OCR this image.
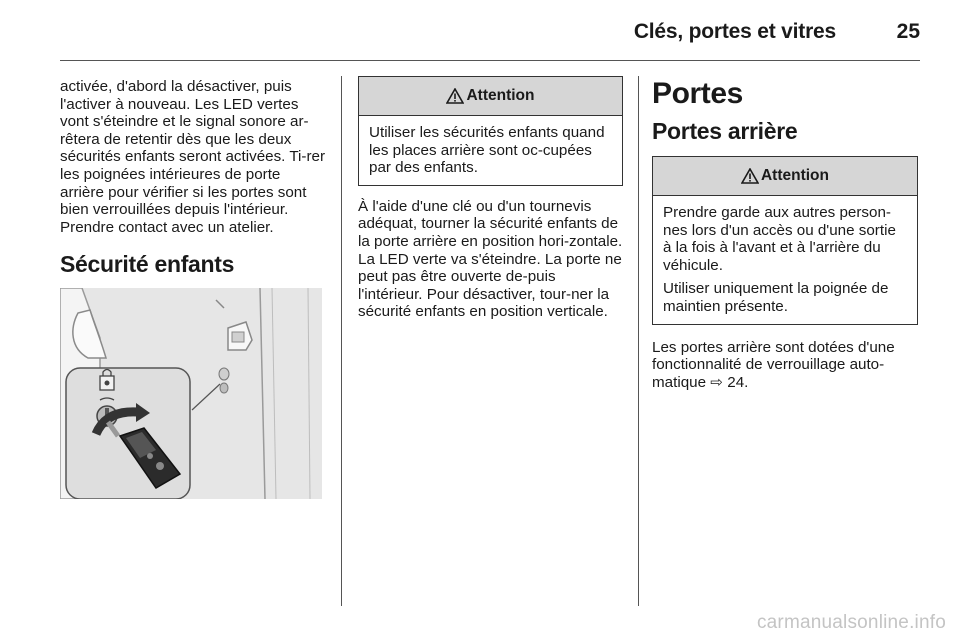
Clés, portes et vitres	25

activée, d'abord la désactiver, puis l'activer à nouveau. Les LED vertes vont s'éteindre et le signal sonore ar-rêtera de retentir dès que les deux sécurités enfants seront activées. Ti-rer les poignées intérieures de porte arrière pour vérifier si les portes sont bien verrouillées depuis l'intérieur. Prendre contact avec un atelier.

Sécurité enfants
Attention

Utiliser les sécurités enfants quand les places arrière sont oc-cupées par des enfants.

À l'aide d'une clé ou d'un tournevis adéquat, tourner la sécurité enfants de la porte arrière en position hori-zontale. La LED verte va s'éteindre. La porte ne peut pas être ouverte de-puis l'intérieur. Pour désactiver, tour-ner la sécurité enfants en position verticale.

Portes
Portes arrière
Attention

Prendre garde aux autres person-nes lors d'un accès ou d'une sortie à la fois à l'avant et à l'arrière du véhicule.

Utiliser uniquement la poignée de maintien présente.

Les portes arrière sont dotées d'une fonctionnalité de verrouillage auto-matique ⇨ 24.

carmanualsonline.info
